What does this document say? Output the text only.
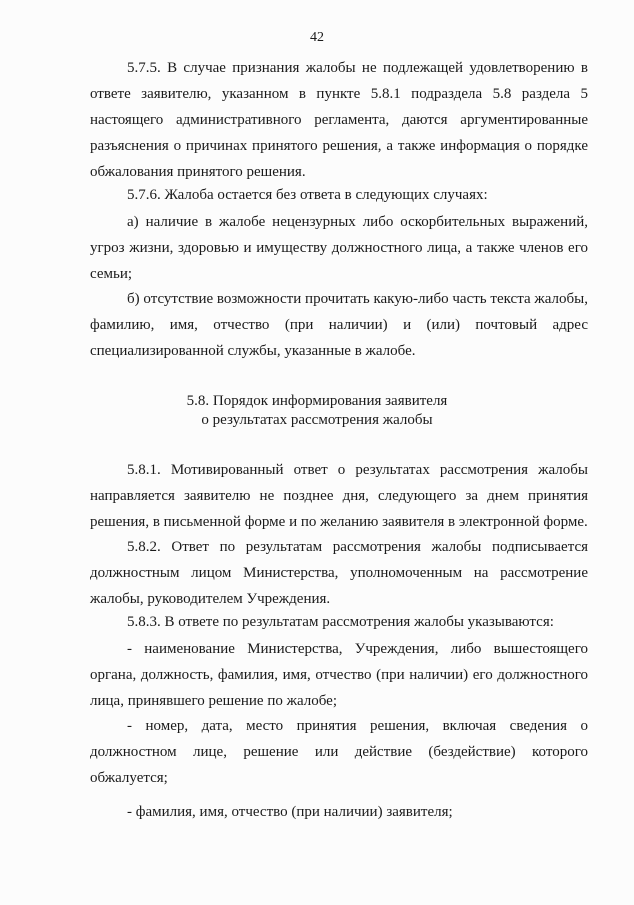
42
5.7.5. В случае признания жалобы не подлежащей удовлетворению в
ответе заявителю, указанном в пункте 5.8.1 подраздела 5.8 раздела 5
настоящего административного регламента, даются аргументированные
разъяснения о причинах принятого решения, а также информация о порядке
обжалования принятого решения.
5.7.6. Жалоба остается без ответа в следующих случаях:
а) наличие в жалобе нецензурных либо оскорбительных выражений,
угроз жизни, здоровью и имуществу должностного лица, а также членов его
семьи;
б) отсутствие возможности прочитать какую-либо часть текста жалобы,
фамилию, имя, отчество (при наличии) и (или) почтовый адрес
специализированной службы, указанные в жалобе.
5.8. Порядок информирования заявителя
о результатах рассмотрения жалобы
5.8.1. Мотивированный ответ о результатах рассмотрения жалобы
направляется заявителю не позднее дня, следующего за днем принятия
решения, в письменной форме и по желанию заявителя в электронной форме.
5.8.2. Ответ по результатам рассмотрения жалобы подписывается
должностным лицом Министерства, уполномоченным на рассмотрение
жалобы, руководителем Учреждения.
5.8.3. В ответе по результатам рассмотрения жалобы указываются:
- наименование Министерства, Учреждения, либо вышестоящего
органа, должность, фамилия, имя, отчество (при наличии) его должностного
лица, принявшего решение по жалобе;
- номер, дата, место принятия решения, включая сведения о
должностном лице, решение или действие (бездействие) которого
обжалуется;
- фамилия, имя, отчество (при наличии) заявителя;
